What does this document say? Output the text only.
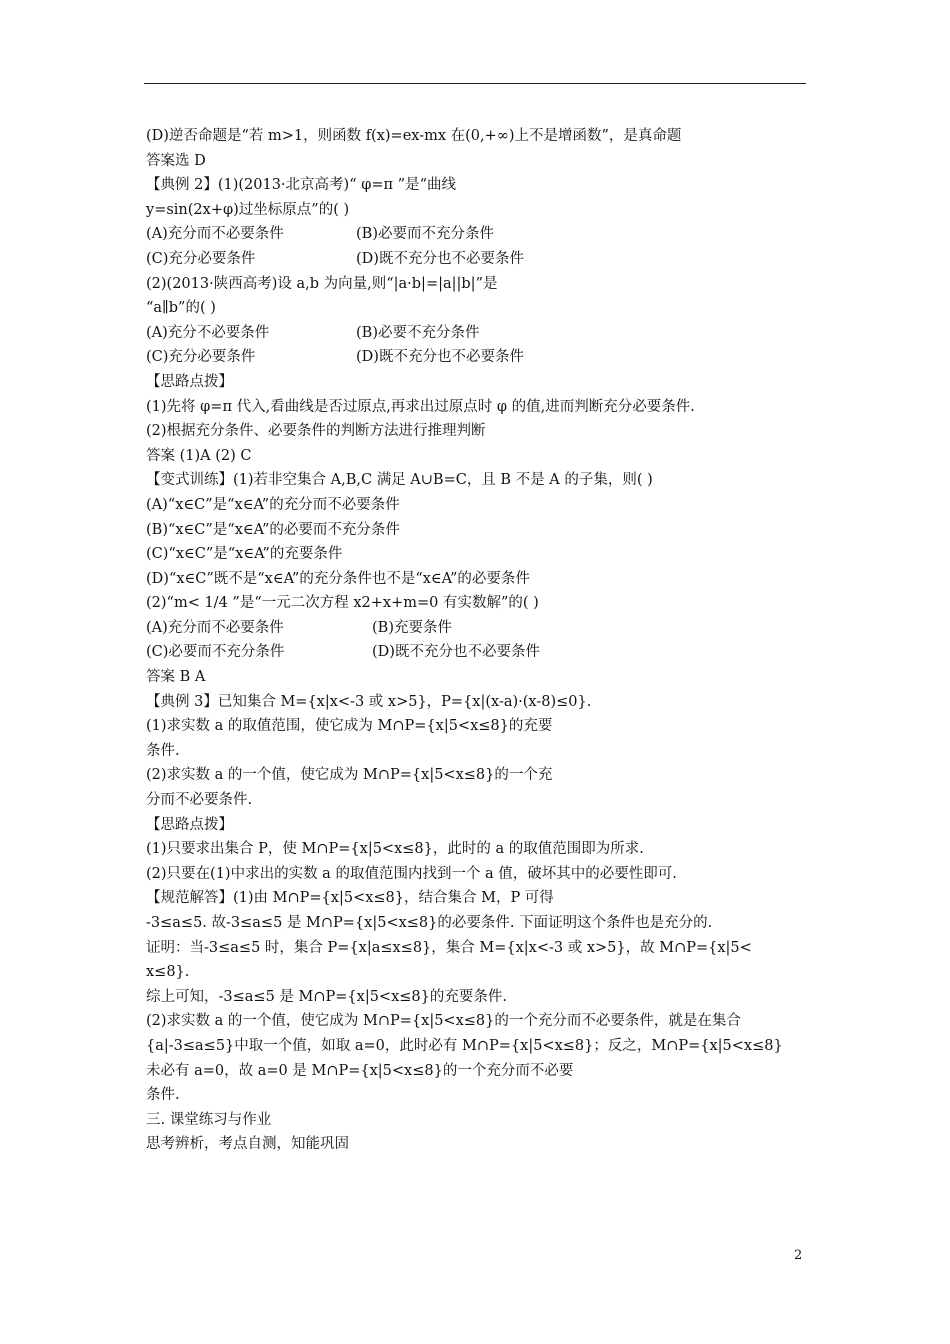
(D)逆否命题是“若 m>1，则函数 f(x)=ex-mx 在(0,+∞)上不是增函数”，是真命题
答案选 D
【典例 2】(1)(2013·北京高考)“ φ=π ”是“曲线
y=sin(2x+φ)过坐标原点”的( )
(A)充分而不必要条件	(B)必要而不充分条件
(C)充分必要条件	(D)既不充分也不必要条件
(2)(2013·陕西高考)设 a,b 为向量,则“|a·b|=|a||b|”是
“a∥b”的( )
(A)充分不必要条件	(B)必要不充分条件
(C)充分必要条件	(D)既不充分也不必要条件
【思路点拨】
(1)先将 φ=π 代入,看曲线是否过原点,再求出过原点时 φ 的值,进而判断充分必要条件.
(2)根据充分条件、必要条件的判断方法进行推理判断
答案 (1)A (2) C
【变式训练】(1)若非空集合 A,B,C 满足 A∪B=C，且 B 不是 A 的子集，则( )
(A)“x∈C”是“x∈A”的充分而不必要条件
(B)“x∈C”是“x∈A”的必要而不充分条件
(C)“x∈C”是“x∈A”的充要条件
(D)“x∈C”既不是“x∈A”的充分条件也不是“x∈A”的必要条件
(2)“m< 1/4 ”是“一元二次方程 x2+x+m=0 有实数解”的( )
(A)充分而不必要条件	(B)充要条件
(C)必要而不充分条件	(D)既不充分也不必要条件
答案 B A
【典例 3】已知集合 M={x|x<-3 或 x>5}，P={x|(x-a)·(x-8)≤0}.
(1)求实数 a 的取值范围，使它成为 M∩P={x|5<x≤8}的充要
条件.
(2)求实数 a 的一个值，使它成为 M∩P={x|5<x≤8}的一个充
分而不必要条件.
【思路点拨】
(1)只要求出集合 P，使 M∩P={x|5<x≤8}，此时的 a 的取值范围即为所求.
(2)只要在(1)中求出的实数 a 的取值范围内找到一个 a 值，破坏其中的必要性即可.
【规范解答】(1)由 M∩P={x|5<x≤8}，结合集合 M，P 可得
-3≤a≤5. 故-3≤a≤5 是 M∩P={x|5<x≤8}的必要条件. 下面证明这个条件也是充分的.
证明：当-3≤a≤5 时，集合 P={x|a≤x≤8}，集合 M={x|x<-3 或 x>5}，故 M∩P={x|5<
x≤8}.
综上可知，-3≤a≤5 是 M∩P={x|5<x≤8}的充要条件.
(2)求实数 a 的一个值，使它成为 M∩P={x|5<x≤8}的一个充分而不必要条件，就是在集合
{a|-3≤a≤5}中取一个值，如取 a=0，此时必有 M∩P={x|5<x≤8}；反之，M∩P={x|5<x≤8}
未必有 a=0，故 a=0 是 M∩P={x|5<x≤8}的一个充分而不必要
条件.
三. 课堂练习与作业
思考辨析，考点自测，知能巩固
2
